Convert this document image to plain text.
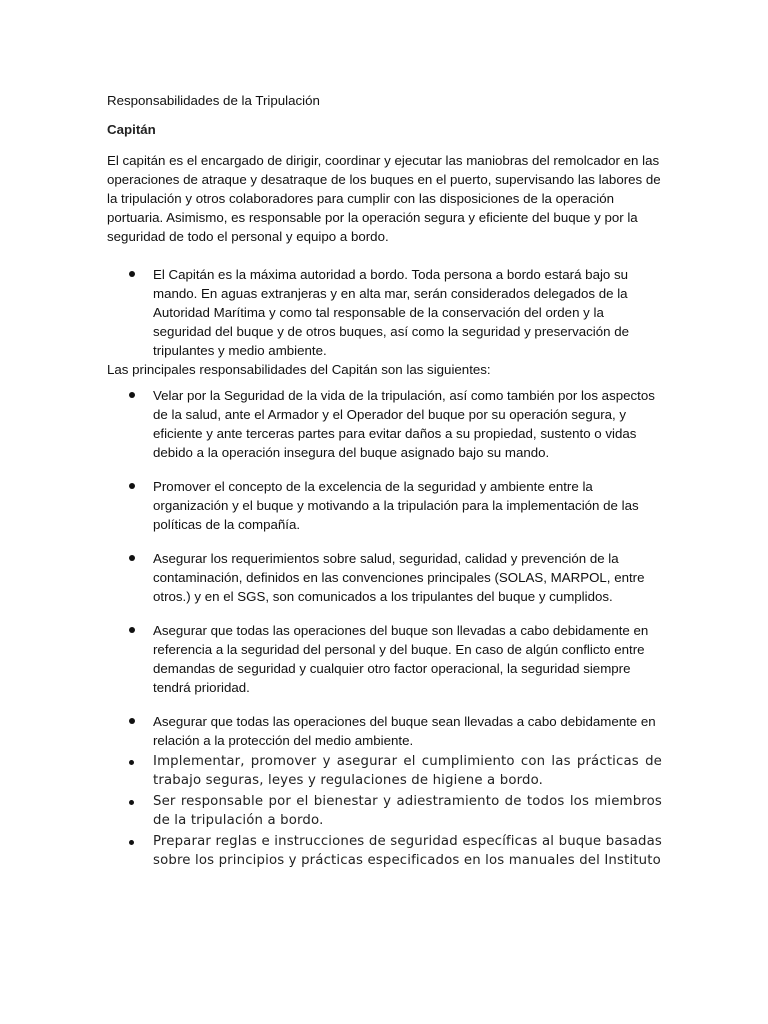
Responsabilidades de la Tripulación

Capitán

El capitán es el encargado de dirigir, coordinar y ejecutar las maniobras del remolcador en las operaciones de atraque y desatraque de los buques en el puerto, supervisando las labores de la tripulación y otros colaboradores para cumplir con las disposiciones de la operación portuaria. Asimismo, es responsable por la operación segura y eficiente del buque y por la seguridad de todo el personal y equipo a bordo.

El Capitán es la máxima autoridad a bordo. Toda persona a bordo estará bajo su mando. En aguas extranjeras y en alta mar, serán considerados delegados de la Autoridad Marítima y como tal responsable de la conservación del orden y la seguridad del buque y de otros buques, así como la seguridad y preservación de tripulantes y medio ambiente.

Las principales responsabilidades del Capitán son las siguientes:

Velar por la Seguridad de la vida de la tripulación, así como también por los aspectos de la salud, ante el Armador y el Operador del buque por su operación segura, y eficiente y ante terceras partes para evitar daños a su propiedad, sustento o vidas debido a la operación insegura del buque asignado bajo su mando.
Promover el concepto de la excelencia de la seguridad y ambiente entre la organización y el buque y motivando a la tripulación para la implementación de las políticas de la compañía.
Asegurar los requerimientos sobre salud, seguridad, calidad y prevención de la contaminación, definidos en las convenciones principales (SOLAS, MARPOL, entre otros.) y en el SGS, son comunicados a los tripulantes del buque y cumplidos.
Asegurar que todas las operaciones del buque son llevadas a cabo debidamente en referencia a la seguridad del personal y del buque. En caso de algún conflicto entre demandas de seguridad y cualquier otro factor operacional, la seguridad siempre tendrá prioridad.
Asegurar que todas las operaciones del buque sean llevadas a cabo debidamente en relación a la protección del medio ambiente.
Implementar, promover y asegurar el cumplimiento con las prácticas de trabajo seguras, leyes y regulaciones de higiene a bordo.
Ser responsable por el bienestar y adiestramiento de todos los miembros de la tripulación a bordo.
Preparar reglas e instrucciones de seguridad específicas al buque basadas sobre los principios y prácticas especificados en los manuales del Instituto
